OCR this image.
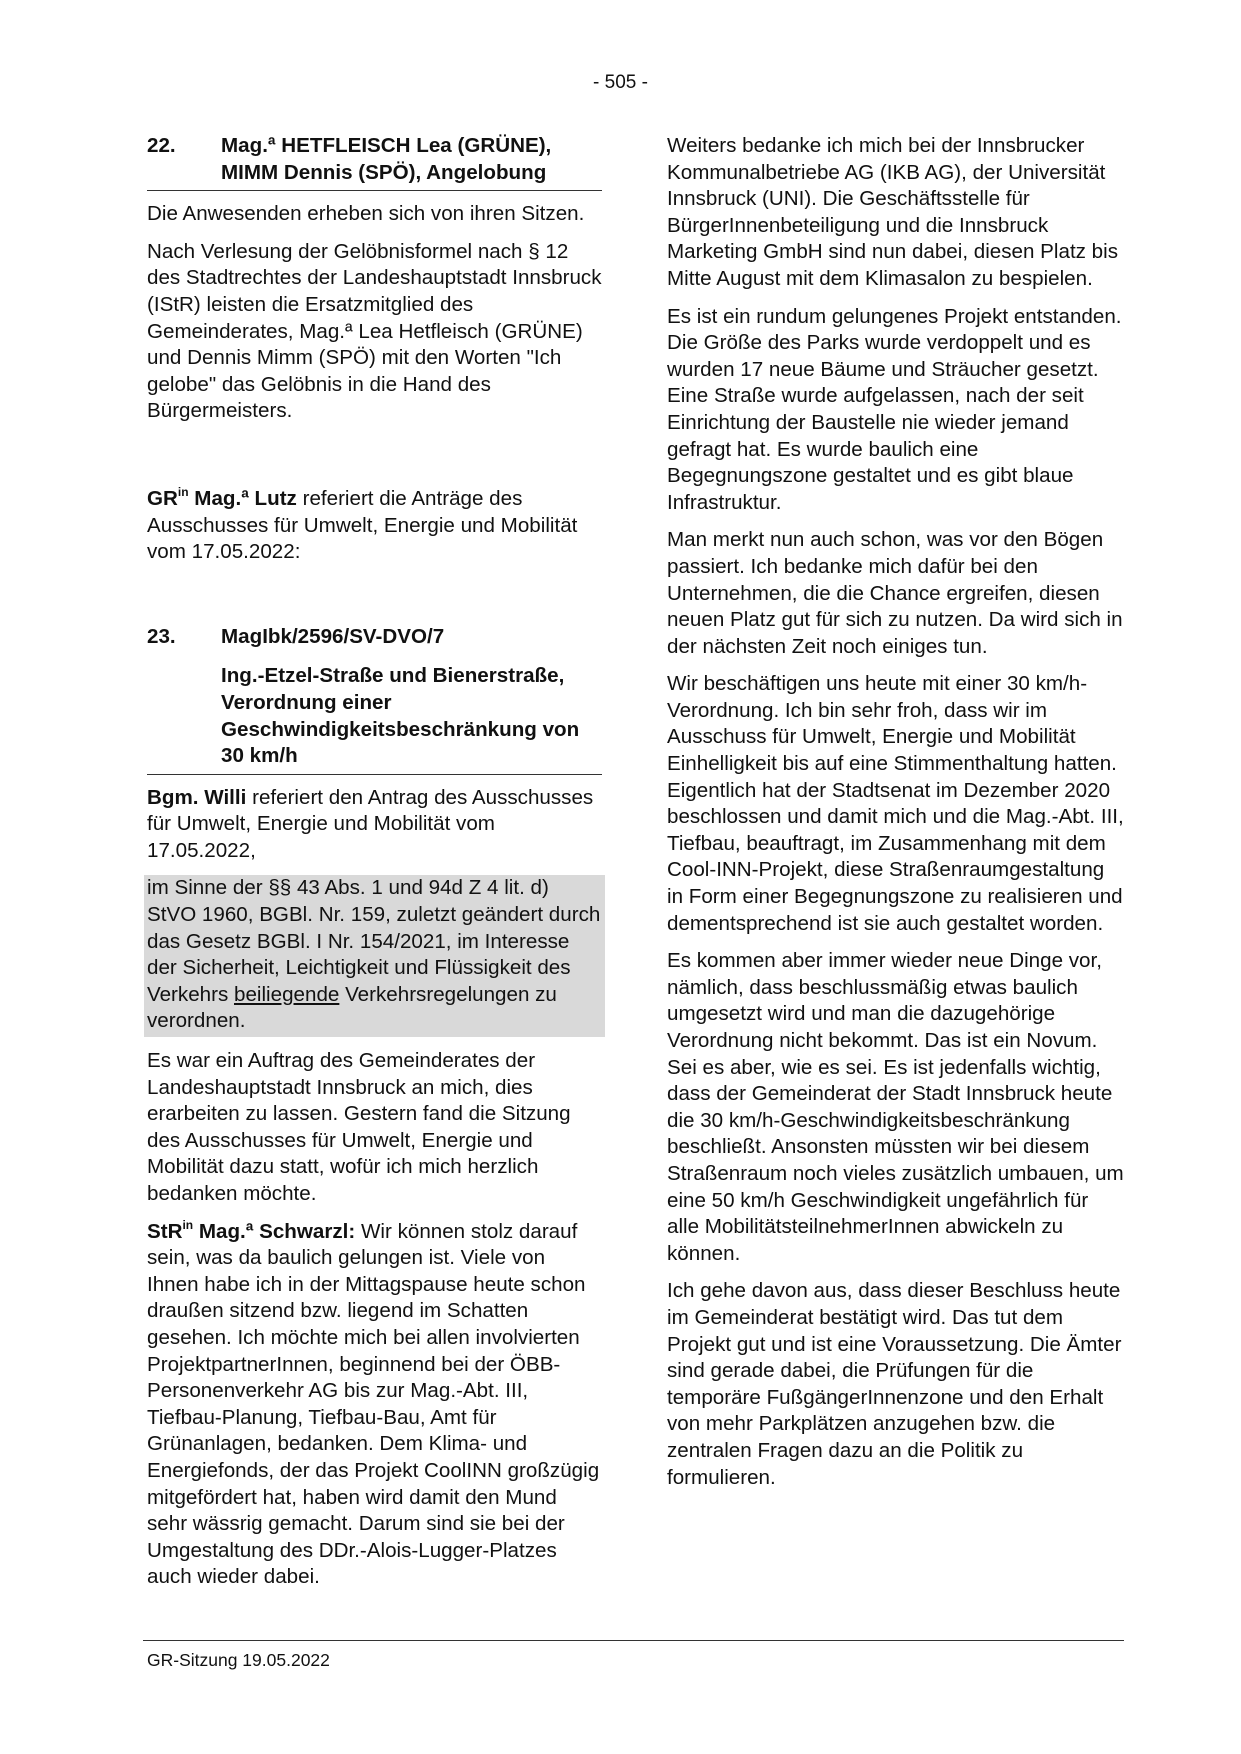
- 505 -
22.	Mag.ª HETFLEISCH Lea (GRÜNE),
MIMM Dennis (SPÖ), Angelobung

Die Anwesenden erheben sich von ihren Sitzen.

Nach Verlesung der Gelöbnisformel nach § 12 des Stadtrechtes der Landeshauptstadt Innsbruck (IStR) leisten die Ersatzmitglied des Gemeinderates, Mag.ª Lea Hetfleisch (GRÜNE) und Dennis Mimm (SPÖ) mit den Worten "Ich gelobe" das Gelöbnis in die Hand des Bürgermeisters.

$GR^{in}$ Mag.ª Lutz referiert die Anträge des Ausschusses für Umwelt, Energie und Mobilität vom 17.05.2022:

23.	MagIbk/2596/SV-DVO/7
Ing.-Etzel-Straße und Bienerstraße, Verordnung einer Geschwindigkeitsbeschränkung von 30 km/h

Bgm. Willi referiert den Antrag des Ausschusses für Umwelt, Energie und Mobilität vom 17.05.2022,

im Sinne der §§ 43 Abs. 1 und 94d Z 4 lit. d) StVO 1960, BGBl. Nr. 159, zuletzt geändert durch das Gesetz BGBl. I Nr. 154/2021, im Interesse der Sicherheit, Leichtigkeit und Flüssigkeit des Verkehrs beiliegende Verkehrsregelungen zu verordnen.

Es war ein Auftrag des Gemeinderates der Landeshauptstadt Innsbruck an mich, dies erarbeiten zu lassen. Gestern fand die Sitzung des Ausschusses für Umwelt, Energie und Mobilität dazu statt, wofür ich mich herzlich bedanken möchte.

StR$^{in}$ Mag.ª Schwarzl: Wir können stolz darauf sein, was da baulich gelungen ist. Viele von Ihnen habe ich in der Mittagspause heute schon draußen sitzend bzw. liegend im Schatten gesehen. Ich möchte mich bei allen involvierten ProjektpartnerInnen, beginnend bei der ÖBB-Personenverkehr AG bis zur Mag.-Abt. III, Tiefbau-Planung, Tiefbau-Bau, Amt für Grünanlagen, bedanken. Dem Klima- und Energiefonds, der das Projekt CoolINN großzügig mitgefördert hat, haben wird damit den Mund sehr wässrig gemacht. Darum sind sie bei der Umgestaltung des DDr.-Alois-Lugger-Platzes auch wieder dabei.

Weiters bedanke ich mich bei der Innsbrucker Kommunalbetriebe AG (IKB AG), der Universität Innsbruck (UNI). Die Geschäftsstelle für BürgerInnenbeteiligung und die Innsbruck Marketing GmbH sind nun dabei, diesen Platz bis Mitte August mit dem Klimasalon zu bespielen.

Es ist ein rundum gelungenes Projekt entstanden. Die Größe des Parks wurde verdoppelt und es wurden 17 neue Bäume und Sträucher gesetzt. Eine Straße wurde aufgelassen, nach der seit Einrichtung der Baustelle nie wieder jemand gefragt hat. Es wurde baulich eine Begegnungszone gestaltet und es gibt blaue Infrastruktur.

Man merkt nun auch schon, was vor den Bögen passiert. Ich bedanke mich dafür bei den Unternehmen, die die Chance ergreifen, diesen neuen Platz gut für sich zu nutzen. Da wird sich in der nächsten Zeit noch einiges tun.

Wir beschäftigen uns heute mit einer 30 km/h-Verordnung. Ich bin sehr froh, dass wir im Ausschuss für Umwelt, Energie und Mobilität Einhelligkeit bis auf eine Stimmenthaltung hatten. Eigentlich hat der Stadtsenat im Dezember 2020 beschlossen und damit mich und die Mag.-Abt. III, Tiefbau, beauftragt, im Zusammenhang mit dem Cool-INN-Projekt, diese Straßenraumgestaltung in Form einer Begegnungszone zu realisieren und dementsprechend ist sie auch gestaltet worden.

Es kommen aber immer wieder neue Dinge vor, nämlich, dass beschlussmäßig etwas baulich umgesetzt wird und man die dazugehörige Verordnung nicht bekommt. Das ist ein Novum. Sei es aber, wie es sei. Es ist jedenfalls wichtig, dass der Gemeinderat der Stadt Innsbruck heute die 30 km/h-Geschwindigkeitsbeschränkung beschließt. Ansonsten müssten wir bei diesem Straßenraum noch vieles zusätzlich umbauen, um eine 50 km/h Geschwindigkeit ungefährlich für alle MobilitätsteilnehmerInnen abwickeln zu können.

Ich gehe davon aus, dass dieser Beschluss heute im Gemeinderat bestätigt wird. Das tut dem Projekt gut und ist eine Voraussetzung. Die Ämter sind gerade dabei, die Prüfungen für die temporäre FußgängerInnenzone und den Erhalt von mehr Parkplätzen anzugehen bzw. die zentralen Fragen dazu an die Politik zu formulieren.

GR-Sitzung 19.05.2022
